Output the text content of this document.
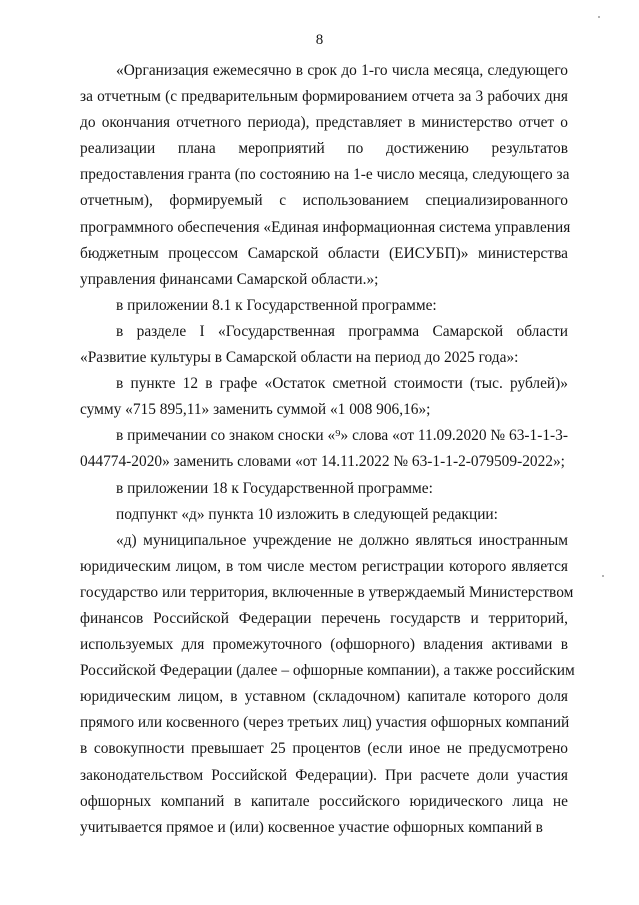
8
«Организация ежемесячно в срок до 1-го числа месяца, следующего
за отчетным (с предварительным формированием отчета за 3 рабочих дня
до окончания отчетного периода), представляет в министерство отчет о
реализации плана мероприятий по достижению результатов
предоставления гранта (по состоянию на 1-е число месяца, следующего за
отчетным), формируемый с использованием специализированного
программного обеспечения «Единая информационная система управления
бюджетным процессом Самарской области (ЕИСУБП)» министерства
управления финансами Самарской области.»;
в приложении 8.1 к Государственной программе:
в разделе I «Государственная программа Самарской области
«Развитие культуры в Самарской области на период до 2025 года»:
в пункте 12 в графе «Остаток сметной стоимости (тыс. рублей)»
сумму «715 895,11» заменить суммой «1 008 906,16»;
в примечании со знаком сноски «⁹» слова «от 11.09.2020 № 63-1-1-3-
044774-2020» заменить словами «от 14.11.2022 № 63-1-1-2-079509-2022»;
в приложении 18 к Государственной программе:
подпункт «д» пункта 10 изложить в следующей редакции:
«д) муниципальное учреждение не должно являться иностранным
юридическим лицом, в том числе местом регистрации которого является
государство или территория, включенные в утверждаемый Министерством
финансов Российской Федерации перечень государств и территорий,
используемых для промежуточного (офшорного) владения активами в
Российской Федерации (далее – офшорные компании), а также российским
юридическим лицом, в уставном (складочном) капитале которого доля
прямого или косвенного (через третьих лиц) участия офшорных компаний
в совокупности превышает 25 процентов (если иное не предусмотрено
законодательством Российской Федерации). При расчете доли участия
офшорных компаний в капитале российского юридического лица не
учитывается прямое и (или) косвенное участие офшорных компаний в
